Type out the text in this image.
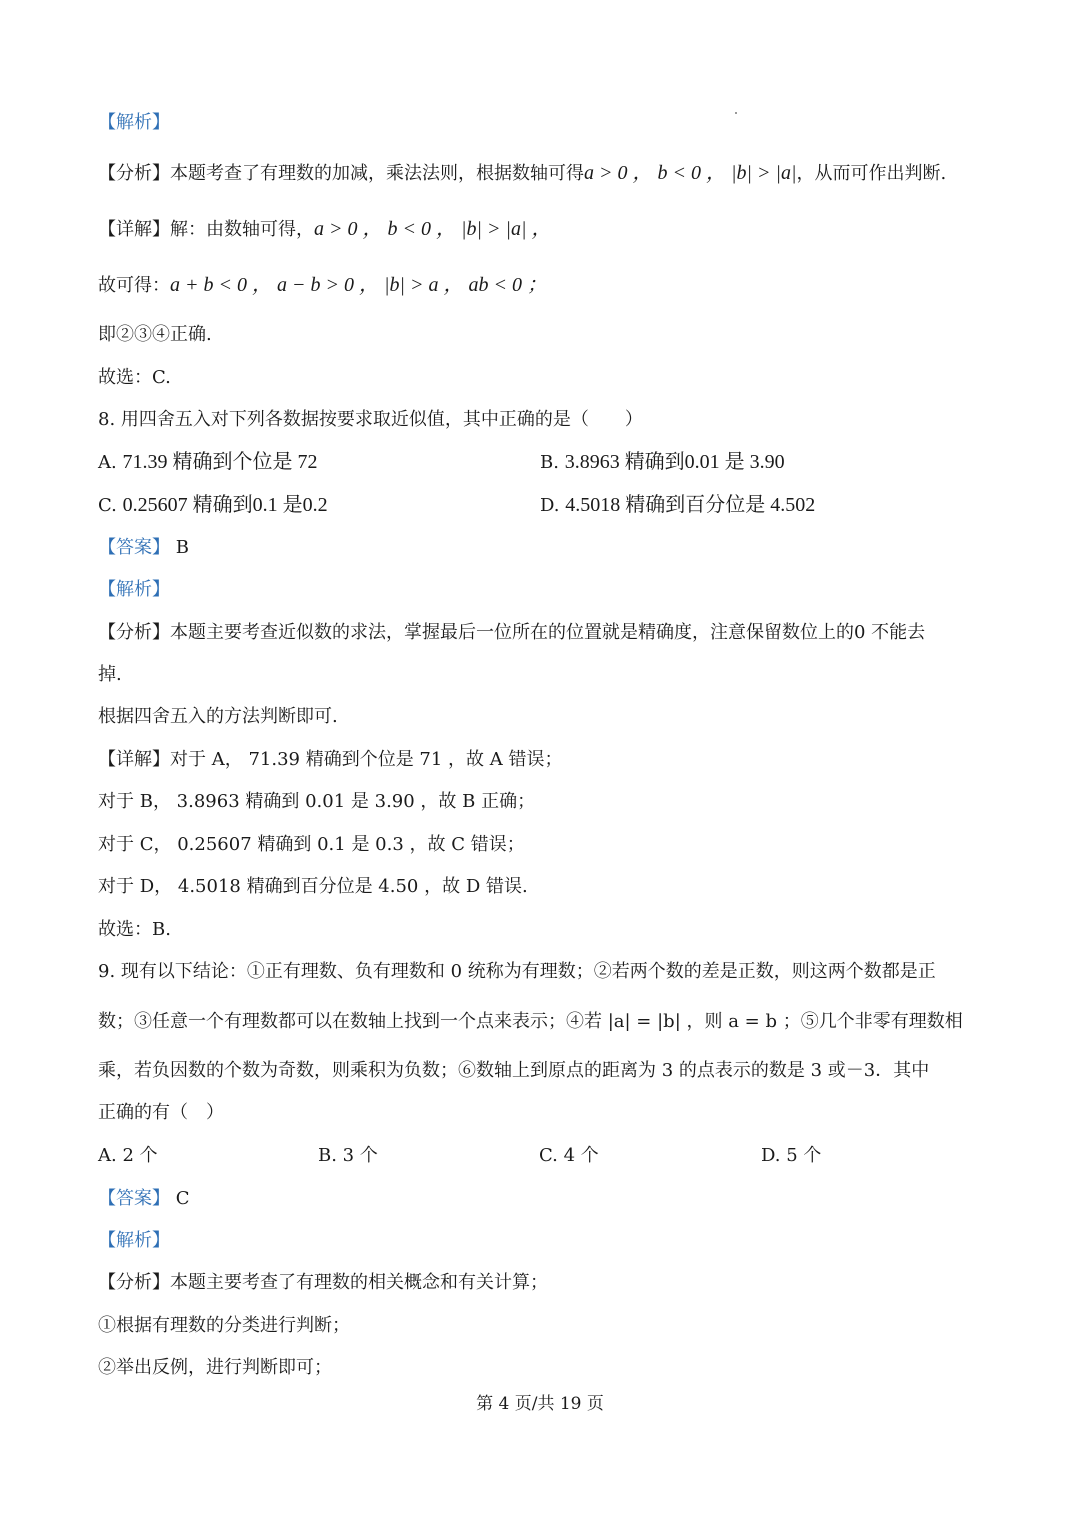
【解析】
【分析】本题考查了有理数的加减，乘法法则，根据数轴可得a > 0 ， b < 0 ， |b| > |a|，从而可作出判断.
【详解】解：由数轴可得，a > 0 ， b < 0 ， |b| > |a| ，
故可得：a + b < 0 ， a − b > 0 ， |b| > a ， ab < 0 ；
即②③④正确.
故选：C.
8. 用四舍五入对下列各数据按要求取近似值，其中正确的是（　　）
A. 71.39 精确到个位是 72	B. 3.8963 精确到0.01 是 3.90
C. 0.25607 精确到0.1 是0.2	D. 4.5018 精确到百分位是 4.502
【答案】 B
【解析】
【分析】本题主要考查近似数的求法，掌握最后一位所在的位置就是精确度，注意保留数位上的0 不能去
掉.
根据四舍五入的方法判断即可.
【详解】对于 A， 71.39 精确到个位是 71 ，故 A 错误；
对于 B， 3.8963 精确到 0.01 是 3.90 ，故 B 正确；
对于 C， 0.25607 精确到 0.1 是 0.3 ，故 C 错误；
对于 D， 4.5018 精确到百分位是 4.50 ，故 D 错误.
故选：B.
9. 现有以下结论：①正有理数、负有理数和 0 统称为有理数；②若两个数的差是正数，则这两个数都是正
数；③任意一个有理数都可以在数轴上找到一个点来表示；④若 |a| = |b| ，则 a = b ；⑤几个非零有理数相
乘，若负因数的个数为奇数，则乘积为负数；⑥数轴上到原点的距离为 3 的点表示的数是 3 或－3．其中
正确的有（　）
A. 2 个	B. 3 个	C. 4 个	D. 5 个
【答案】 C
【解析】
【分析】本题主要考查了有理数的相关概念和有关计算；
①根据有理数的分类进行判断；
②举出反例，进行判断即可；
第 4 页/共 19 页
